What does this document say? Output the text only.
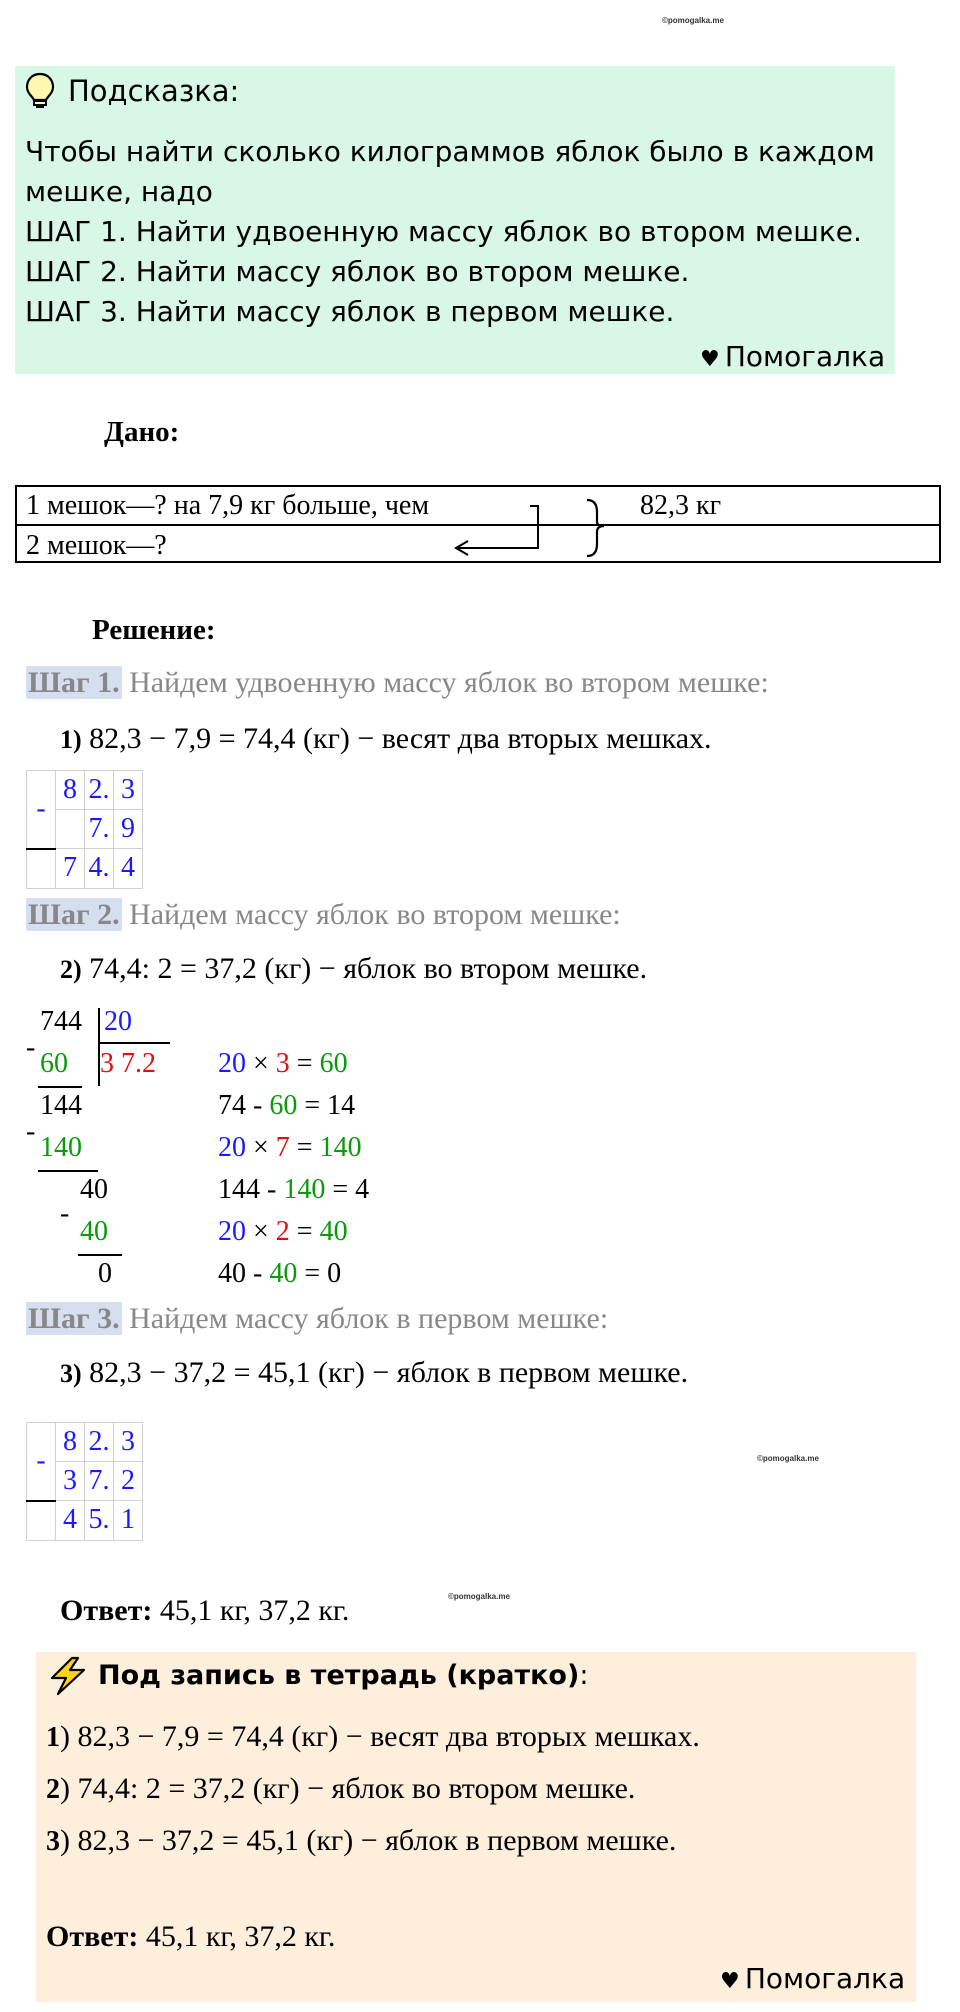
©pomogalka.me
©pomogalka.me
©pomogalka.me
Подсказка:
Чтобы найти сколько килограммов яблок было в каждом
мешке, надо
ШАГ 1. Найти удвоенную массу яблок во втором мешке.
ШАГ 2. Найти массу яблок во втором мешке.
ШАГ 3. Найти массу яблок в первом мешке.
♥ Помогалка
Дано:
1 мешок—? на 7,9 кг больше, чем	82,3 кг
2 мешок—?
Решение:
Шаг 1. Найдем удвоенную массу яблок во втором мешке:
1) 82,3 − 7,9 = 74,4 (кг) − весят два вторых мешках.
-	8	2.	3
		7.	9
	7	4.	4
Шаг 2. Найдем массу яблок во втором мешке:
2) 74,4: 2 = 37,2 (кг) − яблок во втором мешке.
744 20
3 7.2
-
60
144
-
140
40
-
40
0
20 × 3 = 60
74 - 60 = 14
20 × 7 = 140
144 - 140 = 4
20 × 2 = 40
40 - 40 = 0
Шаг 3. Найдем массу яблок в первом мешке:
3) 82,3 − 37,2 = 45,1 (кг) − яблок в первом мешке.
-	8	2.	3
	3	7.	2
	4	5.	1
Ответ: 45,1 кг, 37,2 кг.
Под запись в тетрадь (кратко):
1) 82,3 − 7,9 = 74,4 (кг) − весят два вторых мешках.
2) 74,4: 2 = 37,2 (кг) − яблок во втором мешке.
3) 82,3 − 37,2 = 45,1 (кг) − яблок в первом мешке.
Ответ: 45,1 кг, 37,2 кг.
♥ Помогалка
